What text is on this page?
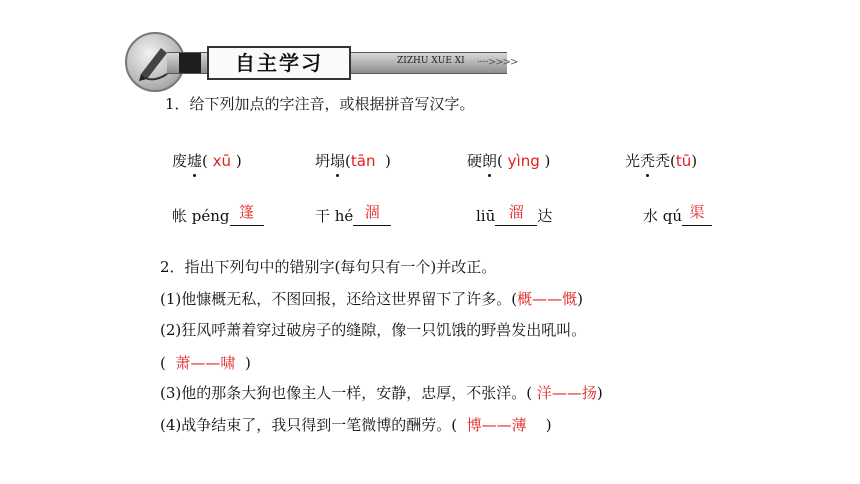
自主学习	ZIZHU XUE XI ·····>>>>
1．给下列加点的字注音，或根据拼音写汉字。
废墟( xū )	坍塌(tān )	硬朗( yìng )	光秃秃(tū)
帐 péng 篷	干 hé 涸	liū 溜 达	水 qú 渠
2．指出下列句中的错别字(每句只有一个)并改正。
(1)他慷概无私，不图回报，还给这世界留下了许多。(概——慨)
(2)狂风呼萧着穿过破房子的缝隙，像一只饥饿的野兽发出吼叫。
( 萧——啸 )
(3)他的那条大狗也像主人一样，安静，忠厚，不张洋。( 洋——扬)
(4)战争结束了，我只得到一笔微博的酬劳。( 博——薄 )
